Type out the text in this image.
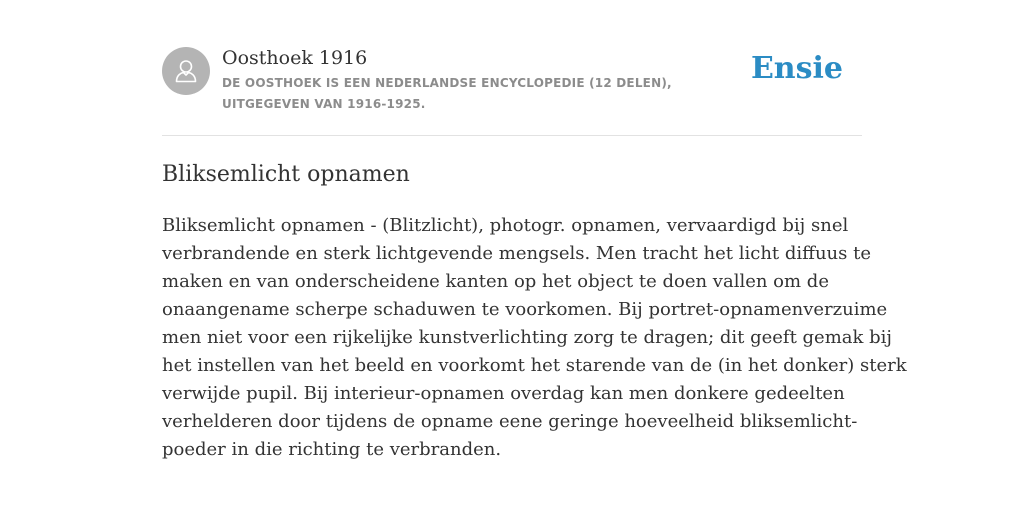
Oosthoek 1916
DE OOSTHOEK IS EEN NEDERLANDSE ENCYCLOPEDIE (12 DELEN), UITGEGEVEN VAN 1916-1925.
Ensie
Bliksemlicht opnamen

Bliksemlicht opnamen - (Blitzlicht), photogr. opnamen, vervaardigd bij snel
verbrandende en sterk lichtgevende mengsels. Men tracht het licht diffuus te
maken en van onderscheidene kanten op het object te doen vallen om de
onaangename scherpe schaduwen te voorkomen. Bij portret-opnamenverzuime
men niet voor een rijkelijke kunstverlichting zorg te dragen; dit geeft gemak bij
het instellen van het beeld en voorkomt het starende van de (in het donker) sterk
verwijde pupil. Bij interieur-opnamen overdag kan men donkere gedeelten
verhelderen door tijdens de opname eene geringe hoeveelheid bliksemlicht-
poeder in die richting te verbranden.
